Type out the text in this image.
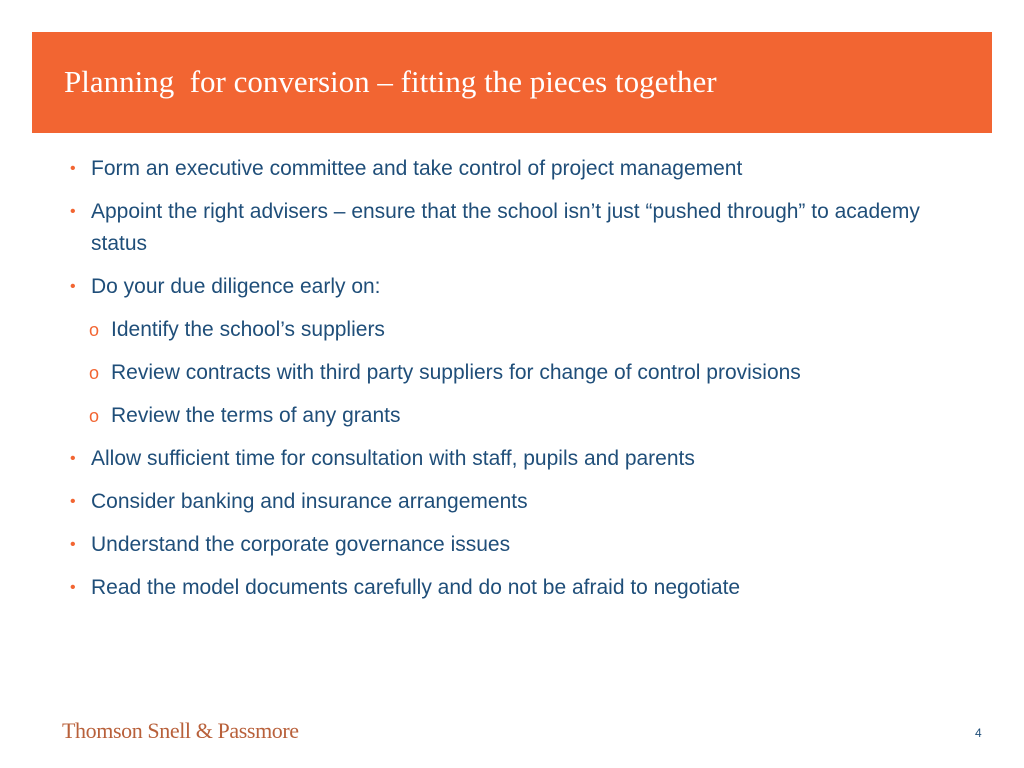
Planning  for conversion – fitting the pieces together
• Form an executive committee and take control of project management
• Appoint the right advisers – ensure that the school isn’t just “pushed through” to academy status
• Do your due diligence early on:
o Identify the school’s suppliers
o Review contracts with third party suppliers for change of control provisions
o Review the terms of any grants
• Allow sufficient time for consultation with staff, pupils and parents
• Consider banking and insurance arrangements
• Understand the corporate governance issues
• Read the model documents carefully and do not be afraid to negotiate
Thomson Snell & Passmore	4
